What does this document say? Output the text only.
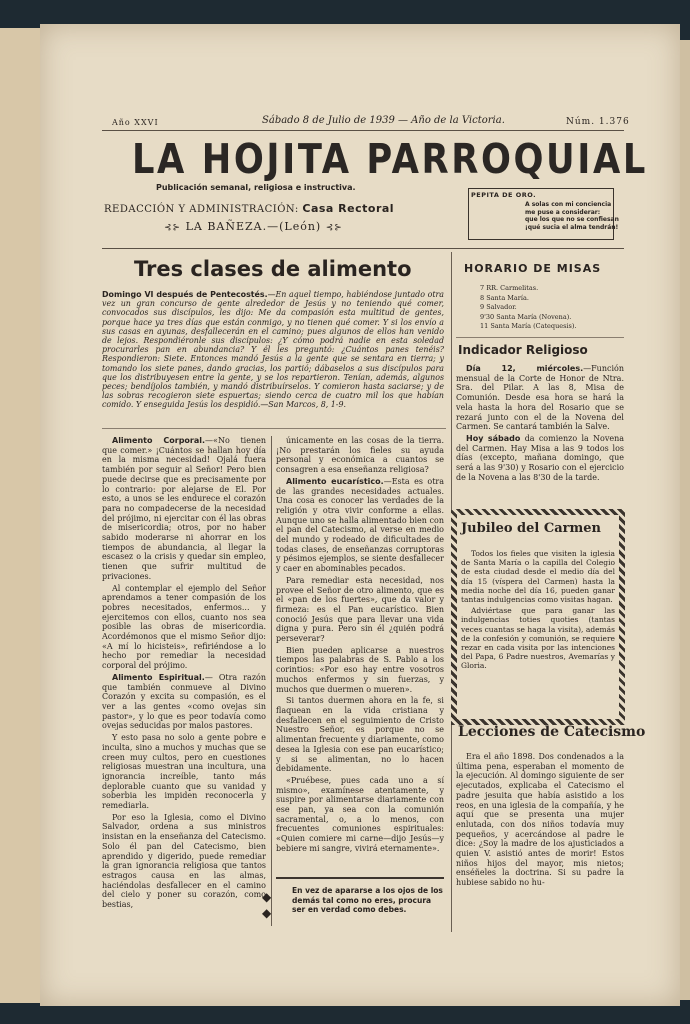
Año XXVI	Sábado 8 de Julio de 1939 — Año de la Victoria.	Núm. 1.376
LA HOJITA PARROQUIAL
Publicación semanal, religiosa e instructiva.
REDACCIÓN Y ADMINISTRACIÓN: Casa Rectoral
⊰⊱ LA BAÑEZA.—(León) ⊰⊱
PEPITA DE ORO.
A solas con mi conciencia
me puse a considerar:
que los que no se confiesan
¡qué sucia el alma tendrán!
Tres clases de alimento
Domingo VI después de Pentecostés.—En aquel tiempo, habiéndose juntado otra vez un gran concurso de gente alrededor de Jesús y no teniendo qué comer, convocados sus discípulos, les dijo: Me da compasión esta multitud de gentes, porque hace ya tres días que están conmigo, y no tienen qué comer. Y si los envío a sus casas en ayunas, desfallecerán en el camino; pues algunos de ellos han venido de lejos. Respondiéronle sus discípulos: ¿Y cómo podrá nadie en esta soledad procurarles pan en abundancia? Y él les preguntó: ¿Cuántos panes tenéis? Respondieron: Siete. Entonces mandó Jesús a la gente que se sentara en tierra; y tomando los siete panes, dando gracias, los partió; dábaselos a sus discípulos para que los distribuyesen entre la gente, y se los repartieron. Tenían, además, algunos peces; bendíjolos también, y mandó distribuírselos. Y comieron hasta saciarse; y de las sobras recogieron siete espuertas; siendo cerca de cuatro mil los que habían comido. Y enseguida Jesús los despidió.—San Marcos, 8, 1-9.

Alimento Corporal.—«No tienen que comer.» ¡Cuántos se hallan hoy día en la misma necesidad! Ojalá fuera también por seguir al Señor! Pero bien puede decirse que es precisamente por lo contrario: por alejarse de El. Por esto, a unos se les endurece el corazón para no compadecerse de la necesidad del prójimo, ni ejercitar con él las obras de misericordia; otros, por no haber sabido moderarse ni ahorrar en los tiempos de abundancia, al llegar la escasez o la crisis y quedar sin empleo, tienen que sufrir multitud de privaciones.

Al contemplar el ejemplo del Señor aprendamos a tener compasión de los pobres necesitados, enfermos... y ejercitemos con ellos, cuanto nos sea posible las obras de misericordia. Acordémonos que el mismo Señor dijo: «A mí lo hicisteis», refiriéndose a lo hecho por remediar la necesidad corporal del prójimo.

Alimento Espiritual.— Otra razón que también conmueve al Divino Corazón y excita su compasión, es el ver a las gentes «como ovejas sin pastor», y lo que es peor todavía como ovejas seducidas por malos pastores.

Y esto pasa no solo a gente pobre e inculta, sino a muchos y muchas que se creen muy cultos, pero en cuestiones religiosas muestran una incultura, una ignorancia increíble, tanto más deplorable cuanto que su vanidad y soberbia les impiden reconocerla y remediarla.

Por eso la Iglesia, como el Divino Salvador, ordena a sus ministros insistan en la enseñanza del Catecismo. Solo él pan del Catecismo, bien aprendido y digerido, puede remediar la gran ignorancia religiosa que tantos estragos causa en las almas, haciéndolas desfallecer en el camino del cielo y poner su corazón, como bestias,

únicamente en las cosas de la tierra. ¡No prestarán los fieles su ayuda personal y económica a cuantos se consagren a esa enseñanza religiosa?

Alimento eucarístico.—Esta es otra de las grandes necesidades actuales. Una cosa es conocer las verdades de la religión y otra vivir conforme a ellas. Aunque uno se halla alimentado bien con el pan del Catecismo, al verse en medio del mundo y rodeado de dificultades de todas clases, de enseñanzas corruptoras y pésimos ejemplos, se siente desfallecer y caer en abominables pecados.

Para remediar esta necesidad, nos provee el Señor de otro alimento, que es el «pan de los fuertes», que da valor y firmeza: es el Pan eucarístico. Bien conoció Jesús que para llevar una vida digna y pura. Pero sin él ¿quién podrá perseverar?

Bien pueden aplicarse a nuestros tiempos las palabras de S. Pablo a los corintios: «Por eso hay entre vosotros muchos enfermos y sin fuerzas, y muchos que duermen o mueren».

Si tantos duermen ahora en la fe, si flaquean en la vida cristiana y desfallecen en el seguimiento de Cristo Nuestro Señor, es porque no se alimentan frecuente y diariamente, como desea la Iglesia con ese pan eucarístico; y si se alimentan, no lo hacen debidamente.

«Pruébese, pues cada uno a sí mismo», examínese atentamente, y suspire por alimentarse diariamente con ese pan, ya sea con la comunión sacramental, o, a lo menos, con frecuentes comuniones espirituales: «Quien comiere mi carne—dijo Jesús—y bebiere mi sangre, vivirá eternamente».

◆
◆
En vez de apararse a los ojos de los demás tal como no eres, procura ser en verdad como debes.
HORARIO DE MISAS
7 RR. Carmelitas.
8 Santa María.
9 Salvador.
9'30 Santa María (Novena).
11 Santa María (Catequesis).
Indicador Religioso

Día 12, miércoles.—Función mensual de la Corte de Honor de Ntra. Sra. del Pilar. A las 8, Misa de Comunión. Desde esa hora se hará la vela hasta la hora del Rosario que se rezará junto con el de la Novena del Carmen. Se cantará también la Salve.

Hoy sábado da comienzo la Novena del Carmen. Hay Misa a las 9 todos los días (excepto, mañana domingo, que será a las 9'30) y Rosario con el ejercicio de la Novena a las 8'30 de la tarde.

Jubileo del Carmen

Todos los fieles que visiten la iglesia de Santa María o la capilla del Colegio de esta ciudad desde el medio día del día 15 (víspera del Carmen) hasta la media noche del día 16, pueden ganar tantas indulgencias como visitas hagan.

Adviértase que para ganar las indulgencias toties quoties (tantas veces cuantas se haga la visita), además de la confesión y comunión, se requiere rezar en cada visita por las intenciones del Papa, 6 Padre nuestros, Avemarías y Gloria.

Lecciones de Catecismo

Era el año 1898. Dos condenados a la última pena, esperaban el momento de la ejecución. Al domingo siguiente de ser ejecutados, explicaba el Catecismo el padre jesuita que había asistido a los reos, en una iglesia de la compañía, y he aquí que se presenta una mujer enlutada, con dos niños todavía muy pequeños, y acercándose al padre le dice: ¿Soy la madre de los ajusticiados a quien V. asistió antes de morir! Estos niños hijos del mayor, mis nietos; enséñeles la doctrina. Si su padre la hubiese sabido no hu-
